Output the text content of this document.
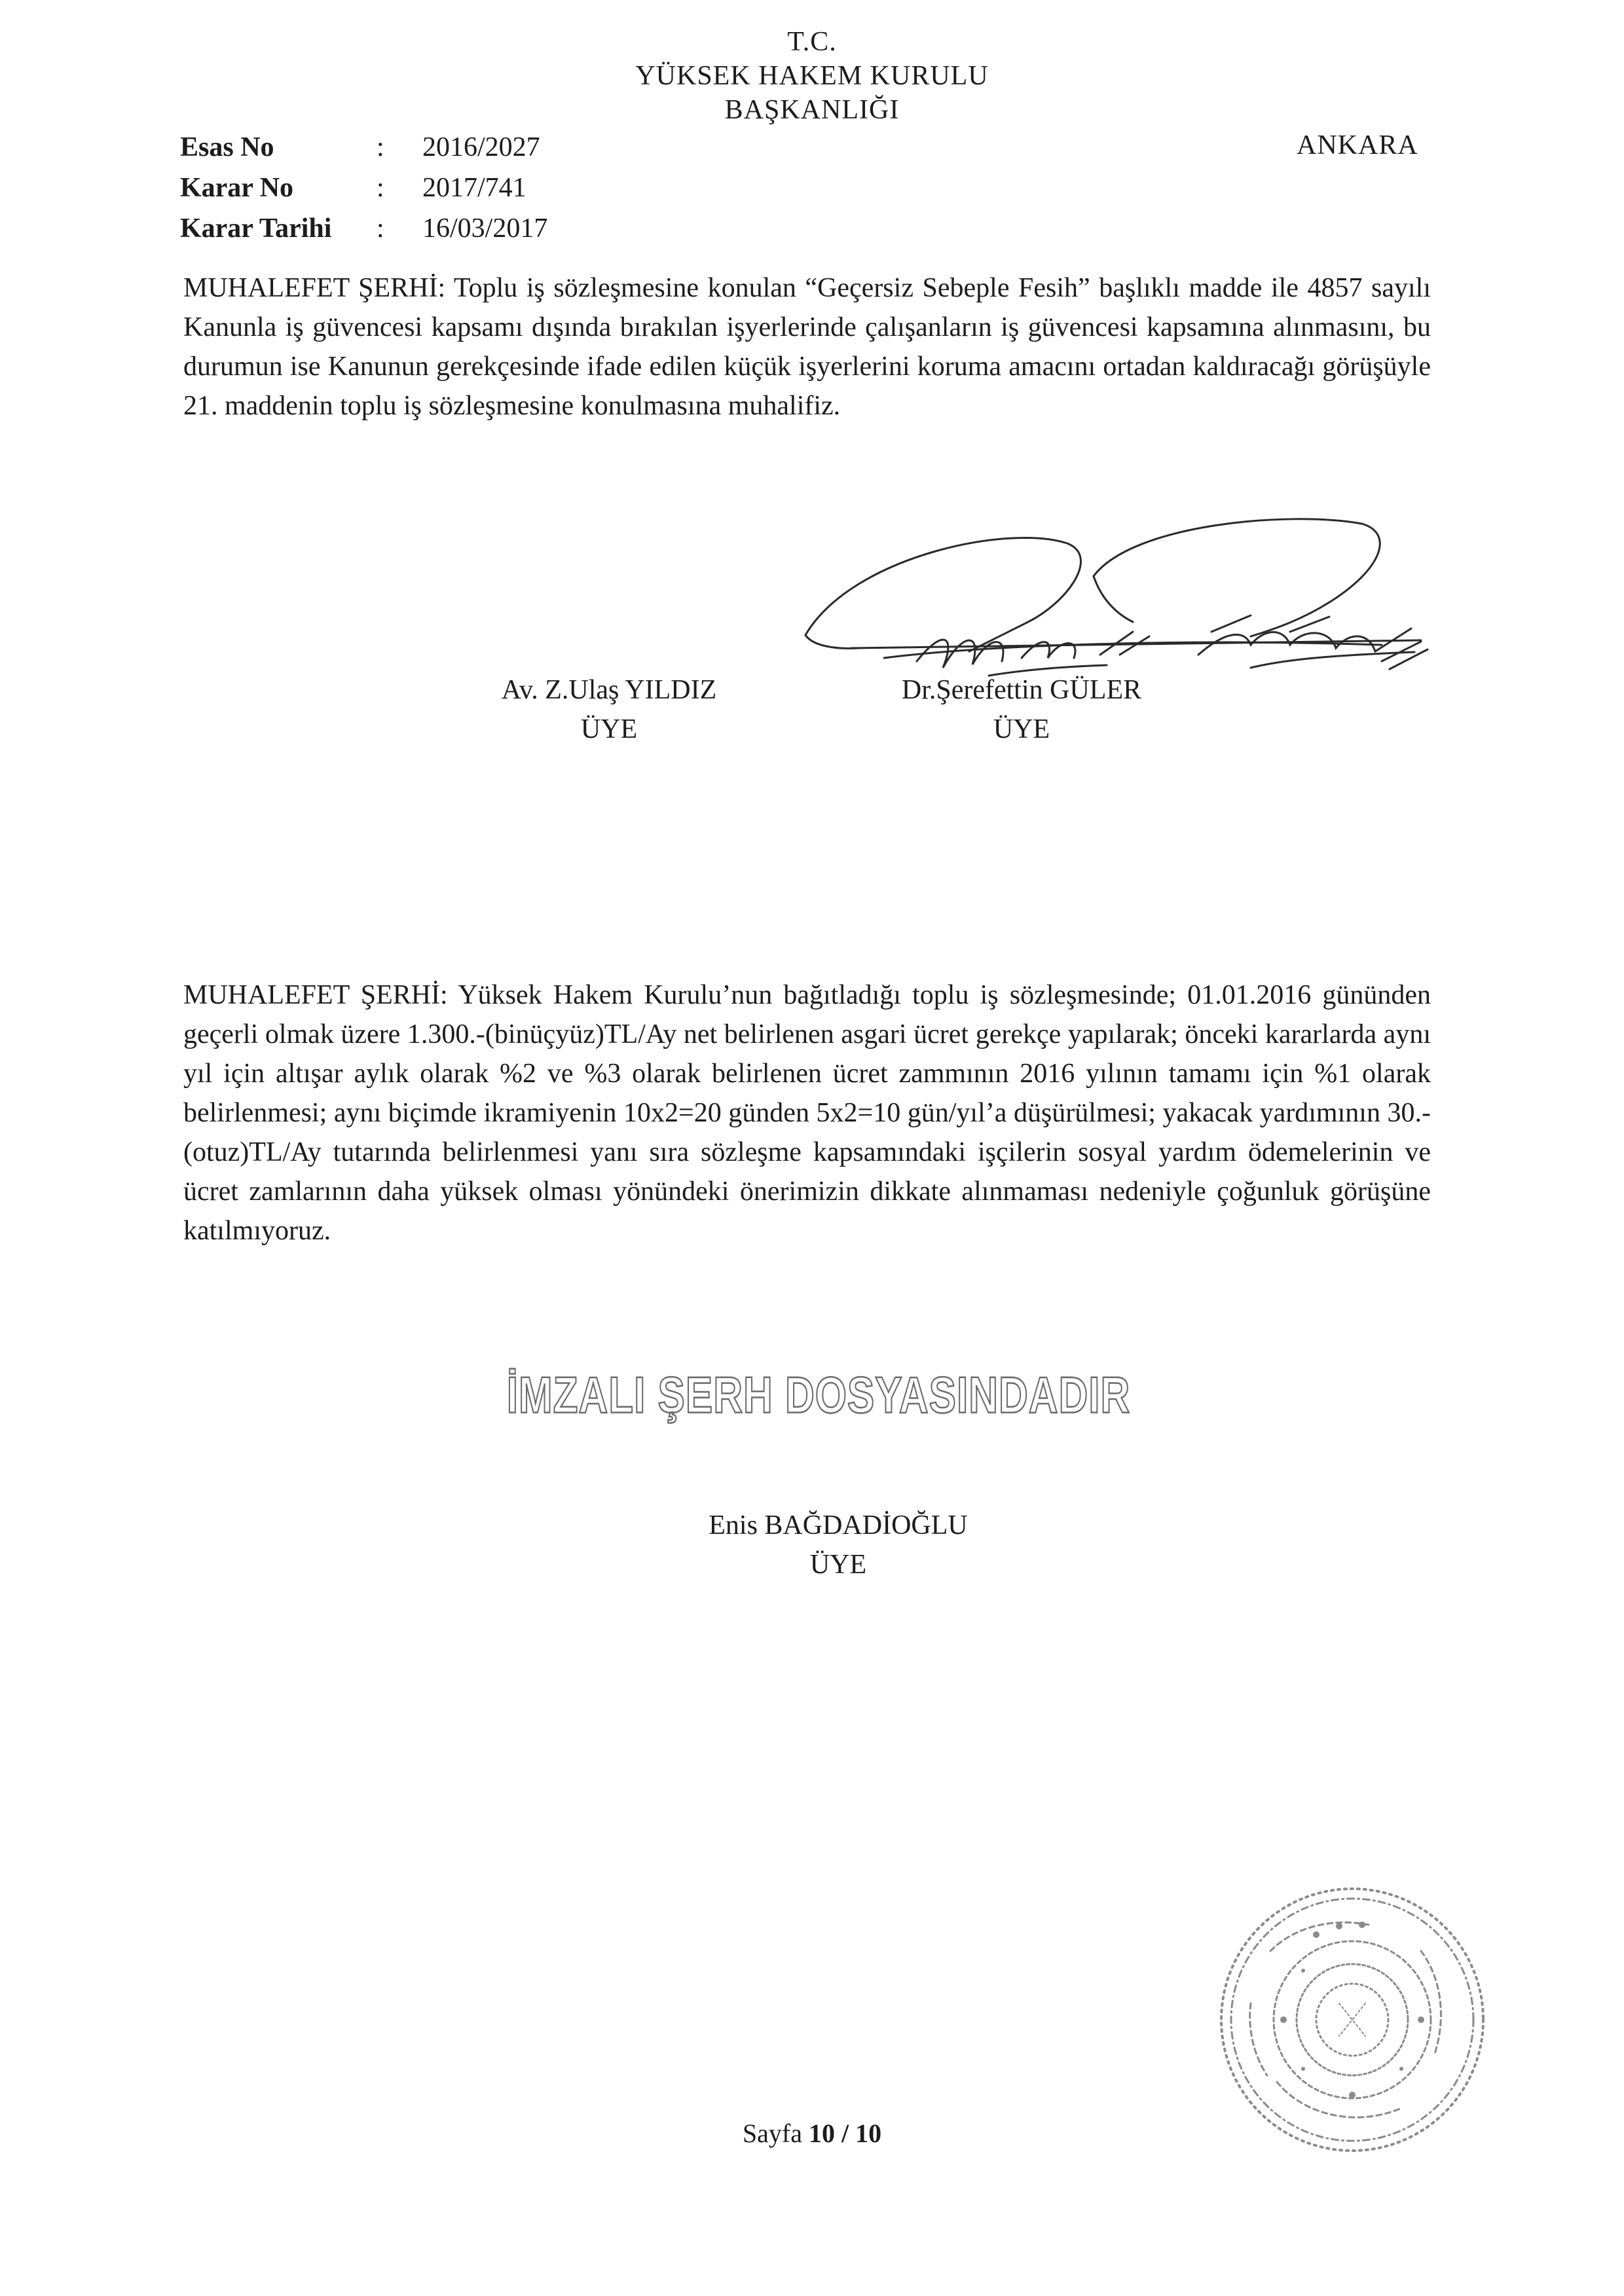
T.C.
YÜKSEK HAKEM KURULU
BAŞKANLIĞI
Esas No	:	2016/2027
Karar No	:	2017/741
Karar Tarihi	:	16/03/2017
ANKARA
MUHALEFET ŞERHİ: Toplu iş sözleşmesine konulan “Geçersiz Sebeple Fesih” başlıklı madde ile 4857 sayılı Kanunla iş güvencesi kapsamı dışında bırakılan işyerlerinde çalışanların iş güvencesi kapsamına alınmasını, bu durumun ise Kanunun gerekçesinde ifade edilen küçük işyerlerini koruma amacını ortadan kaldıracağı görüşüyle 21. maddenin toplu iş sözleşmesine konulmasına muhalifiz.
Av. Z.Ulaş YILDIZ
ÜYE
Dr.Şerefettin GÜLER
ÜYE
MUHALEFET ŞERHİ: Yüksek Hakem Kurulu’nun bağıtladığı toplu iş sözleşmesinde; 01.01.2016 gününden geçerli olmak üzere 1.300.-(binüçyüz)TL/Ay net belirlenen asgari ücret gerekçe yapılarak; önceki kararlarda aynı yıl için altışar aylık olarak %2 ve %3 olarak belirlenen ücret zammının 2016 yılının tamamı için %1 olarak belirlenmesi; aynı biçimde ikramiyenin 10x2=20 günden 5x2=10 gün/yıl’a düşürülmesi; yakacak yardımının 30.-(otuz)TL/Ay tutarında belirlenmesi yanı sıra sözleşme kapsamındaki işçilerin sosyal yardım ödemelerinin ve ücret zamlarının daha yüksek olması yönündeki önerimizin dikkate alınmaması nedeniyle çoğunluk görüşüne katılmıyoruz.
İMZALI ŞERH DOSYASINDADIR
Enis BAĞDADİOĞLU
ÜYE
Sayfa 10 / 10
